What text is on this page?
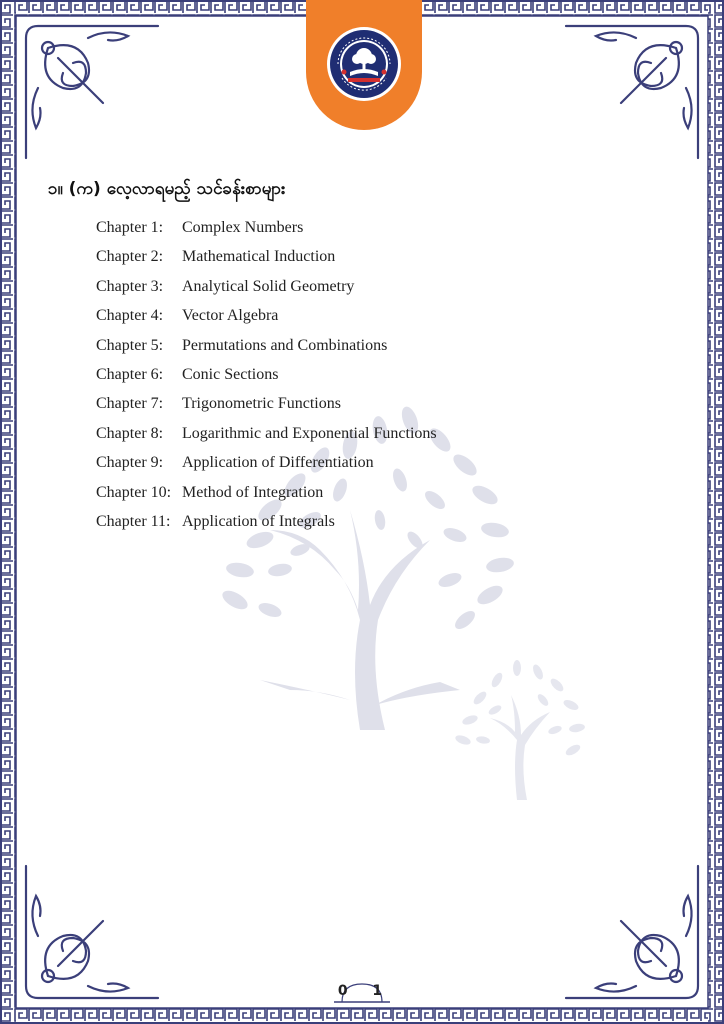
၁။ (က) လေ့လာရမည့် သင်ခန်းစာများ
Chapter 1:	Complex Numbers
Chapter 2:	Mathematical Induction
Chapter 3:	Analytical Solid Geometry
Chapter 4:	Vector Algebra
Chapter 5:	Permutations and Combinations
Chapter 6:	Conic Sections
Chapter 7:	Trigonometric Functions
Chapter 8:	Logarithmic and Exponential Functions
Chapter 9:	Application of Differentiation
Chapter 10: Method of Integration
Chapter 11: Application of Integrals
0 1
